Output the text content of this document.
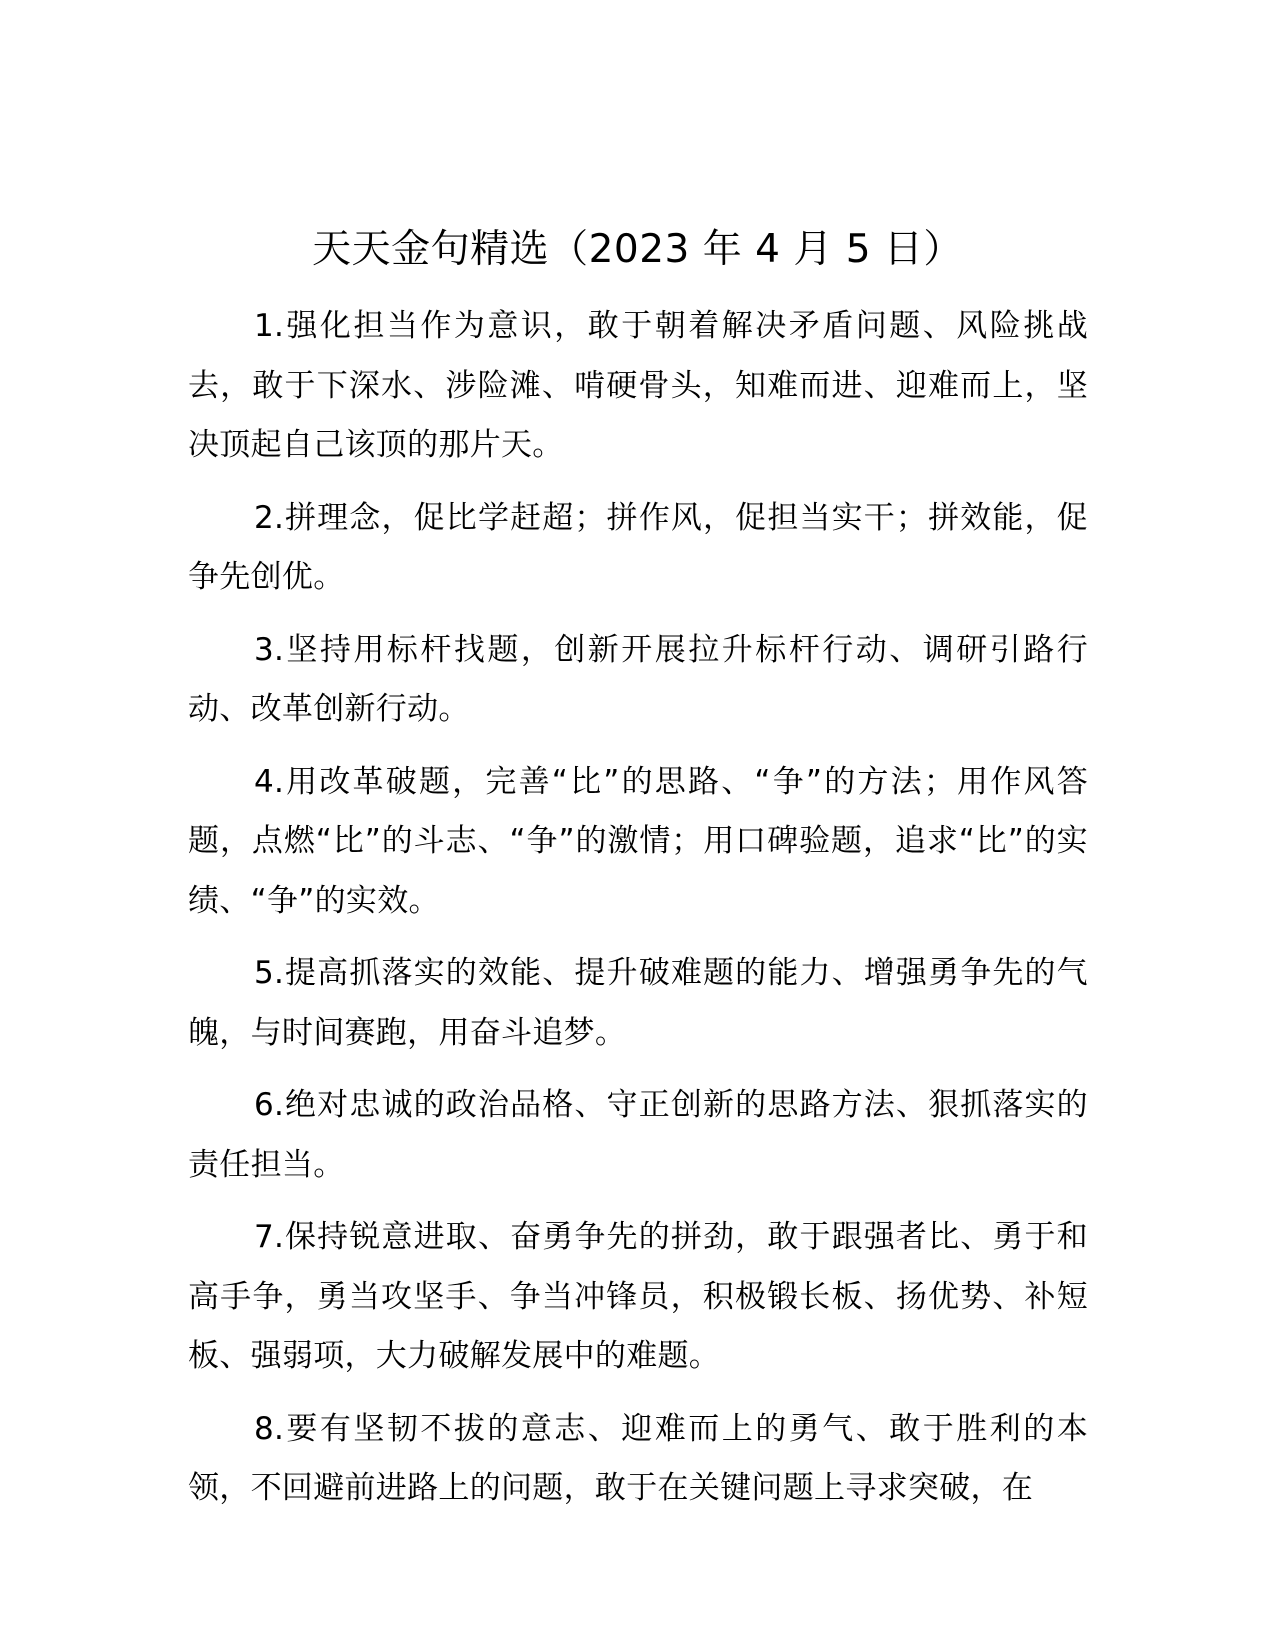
天天金句精选（2023 年 4 月 5 日）

1.强化担当作为意识，敢于朝着解决矛盾问题、风险挑战去，敢于下深水、涉险滩、啃硬骨头，知难而进、迎难而上，坚决顶起自己该顶的那片天。

2.拼理念，促比学赶超；拼作风，促担当实干；拼效能，促争先创优。

3.坚持用标杆找题，创新开展拉升标杆行动、调研引路行动、改革创新行动。

4.用改革破题，完善“比”的思路、“争”的方法；用作风答题，点燃“比”的斗志、“争”的激情；用口碑验题，追求“比”的实绩、“争”的实效。

5.提高抓落实的效能、提升破难题的能力、增强勇争先的气魄，与时间赛跑，用奋斗追梦。

6.绝对忠诚的政治品格、守正创新的思路方法、狠抓落实的责任担当。

7.保持锐意进取、奋勇争先的拼劲，敢于跟强者比、勇于和高手争，勇当攻坚手、争当冲锋员，积极锻长板、扬优势、补短板、强弱项，大力破解发展中的难题。

8.要有坚韧不拔的意志、迎难而上的勇气、敢于胜利的本领，不回避前进路上的问题，敢于在关键问题上寻求突破，在
